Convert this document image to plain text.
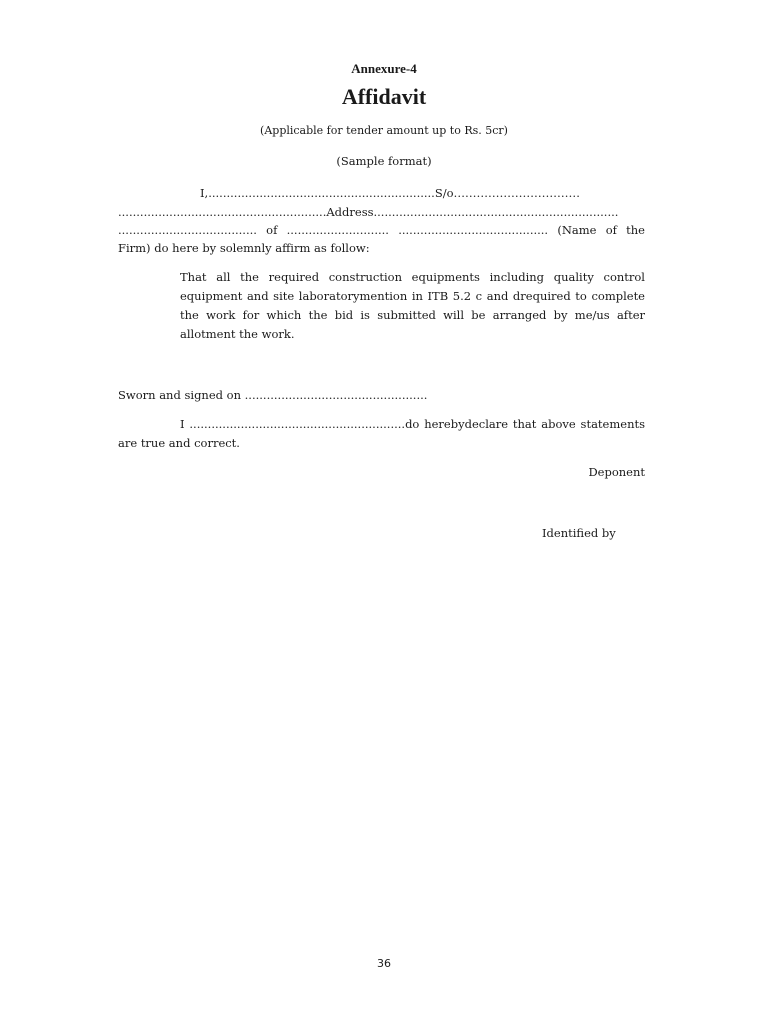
Annexure-4
Affidavit
(Applicable for tender amount up to Rs. 5cr)
(Sample format)
I,..............................................................S/o……………………………
.........................................................Address...................................................................
...................................... of ............................ ......................................... (Name of the
Firm) do here by solemnly affirm as follow:
That all the required construction equipments including quality control
equipment and site laboratorymention in ITB 5.2 c and drequired to complete
the work for which the bid is submitted will be arranged by me/us after
allotment the work.
Sworn and signed on ..................................................
I ...........................................................do herebydeclare that above statements
are true and correct.
Deponent
Identified by
36
